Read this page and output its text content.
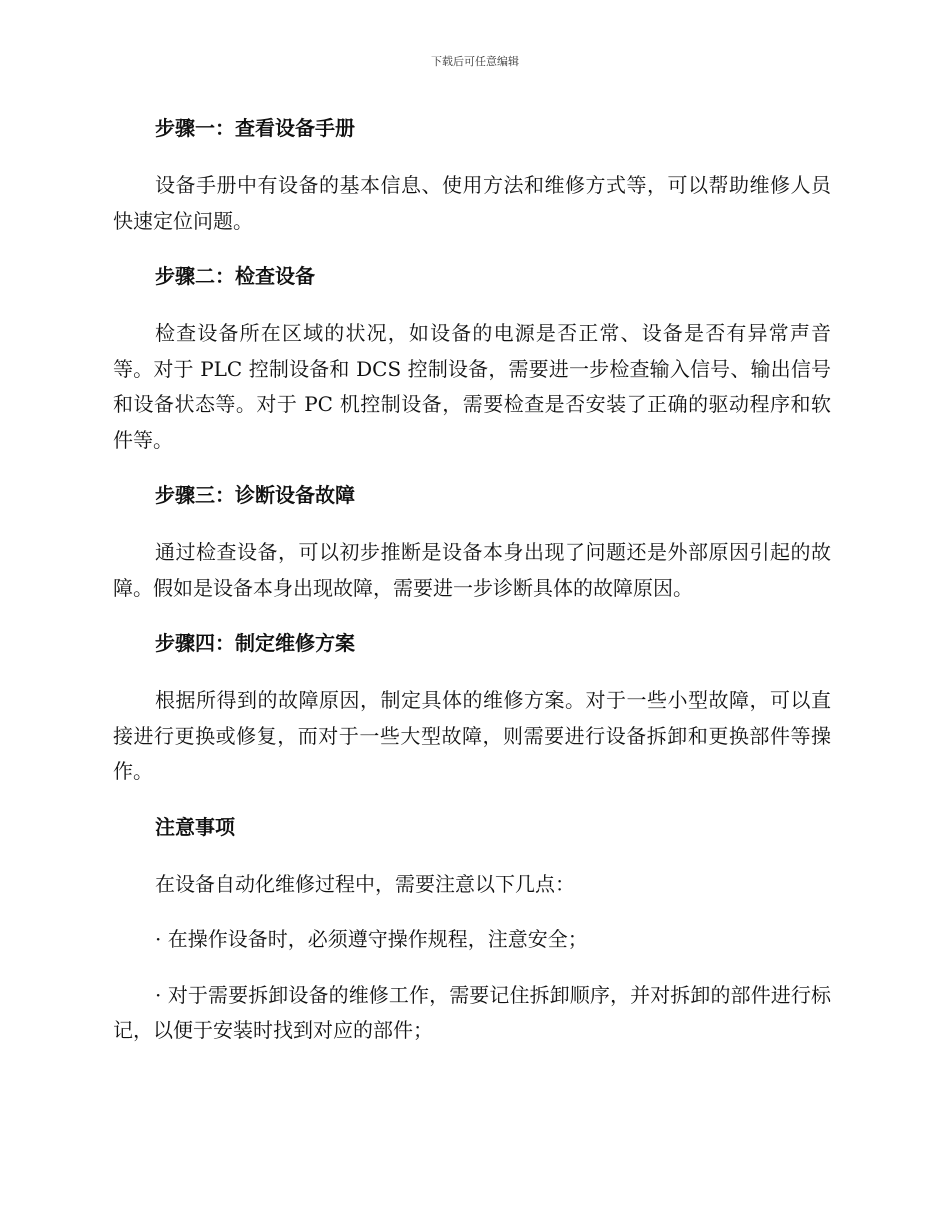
下载后可任意编辑
步骤一：查看设备手册

设备手册中有设备的基本信息、使用方法和维修方式等，可以帮助维修人员快速定位问题。

步骤二：检查设备

检查设备所在区域的状况，如设备的电源是否正常、设备是否有异常声音等。对于 PLC 控制设备和 DCS 控制设备，需要进一步检查输入信号、输出信号和设备状态等。对于 PC 机控制设备，需要检查是否安装了正确的驱动程序和软件等。

步骤三：诊断设备故障

通过检查设备，可以初步推断是设备本身出现了问题还是外部原因引起的故障。假如是设备本身出现故障，需要进一步诊断具体的故障原因。

步骤四：制定维修方案

根据所得到的故障原因，制定具体的维修方案。对于一些小型故障，可以直接进行更换或修复，而对于一些大型故障，则需要进行设备拆卸和更换部件等操作。

注意事项

在设备自动化维修过程中，需要注意以下几点：

· 在操作设备时，必须遵守操作规程，注意安全；

· 对于需要拆卸设备的维修工作，需要记住拆卸顺序，并对拆卸的部件进行标记，以便于安装时找到对应的部件；
